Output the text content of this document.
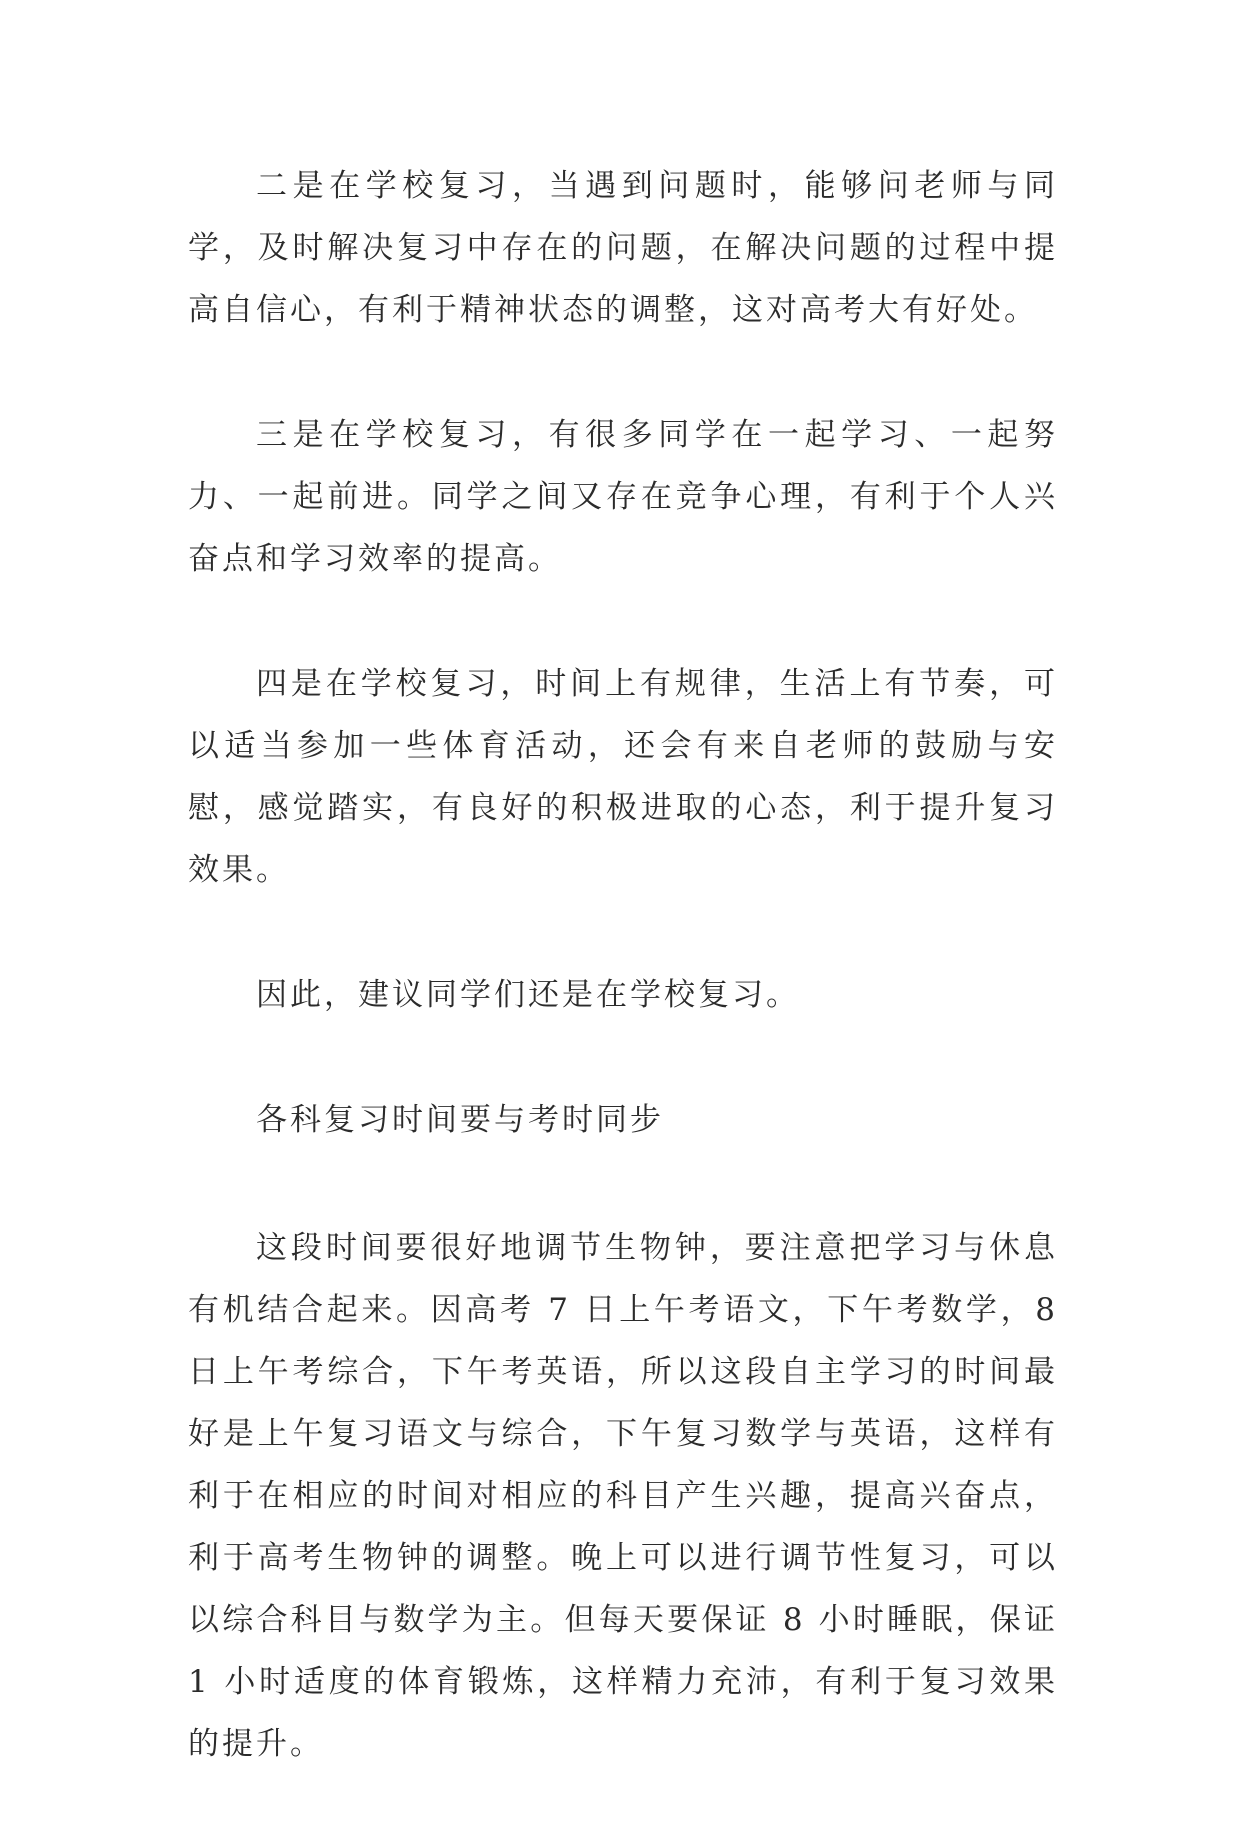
二是在学校复习，当遇到问题时，能够问老师与同学，及时解决复习中存在的问题，在解决问题的过程中提高自信心，有利于精神状态的调整，这对高考大有好处。

三是在学校复习，有很多同学在一起学习、一起努力、一起前进。同学之间又存在竞争心理，有利于个人兴奋点和学习效率的提高。

四是在学校复习，时间上有规律，生活上有节奏，可以适当参加一些体育活动，还会有来自老师的鼓励与安慰，感觉踏实，有良好的积极进取的心态，利于提升复习效果。

因此，建议同学们还是在学校复习。

各科复习时间要与考时同步

这段时间要很好地调节生物钟，要注意把学习与休息有机结合起来。因高考 7 日上午考语文，下午考数学，8 日上午考综合，下午考英语，所以这段自主学习的时间最好是上午复习语文与综合，下午复习数学与英语，这样有利于在相应的时间对相应的科目产生兴趣，提高兴奋点，利于高考生物钟的调整。晚上可以进行调节性复习，可以以综合科目与数学为主。但每天要保证 8 小时睡眠，保证 1 小时适度的体育锻炼，这样精力充沛，有利于复习效果的提升。
